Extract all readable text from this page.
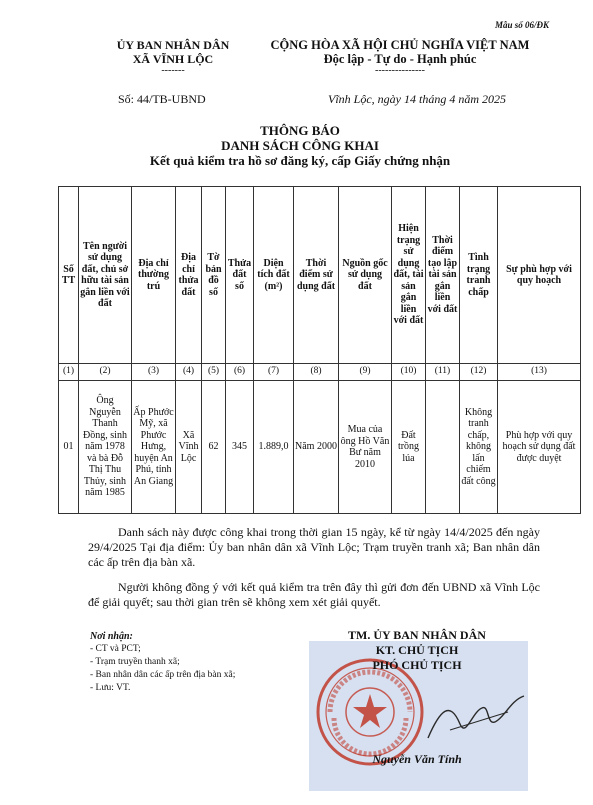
Mẫu số 06/ĐK
ỦY BAN NHÂN DÂN
XÃ VĨNH LỘC
-------
CỘNG HÒA XÃ HỘI CHỦ NGHĨA VIỆT NAM
Độc lập - Tự do - Hạnh phúc
---------------
Số: 44/TB-UBND	Vĩnh Lộc, ngày 14 tháng 4 năm 2025
THÔNG BÁO
DANH SÁCH CÔNG KHAI
Kết quả kiểm tra hồ sơ đăng ký, cấp Giấy chứng nhận
Số TT	Tên người sử dụng đất, chủ sở hữu tài sản gắn liền với đất	Địa chỉ thường trú	Địa chỉ thửa đất	Tờ bản đồ số	Thửa đất số	Diện tích đất (m²)	Thời điểm sử dụng đất	Nguồn gốc sử dụng đất	Hiện trạng sử dụng đất, tài sản gắn liền với đất	Thời điểm tạo lập tài sản gắn liền với đất	Tình trạng tranh chấp	Sự phù hợp với quy hoạch
(1)	(2)	(3)	(4)	(5)	(6)	(7)	(8)	(9)	(10)	(11)	(12)	(13)
01	Ông Nguyễn Thanh Đồng, sinh năm 1978 và bà Đỗ Thị Thu Thủy, sinh năm 1985	Ấp Phước Mỹ, xã Phước Hưng, huyện An Phú, tỉnh An Giang	Xã Vĩnh Lộc	62	345	1.889,0	Năm 2000	Mua của ông Hồ Văn Bư năm 2010	Đất trồng lúa		Không tranh chấp, không lấn chiếm đất công	Phù hợp với quy hoạch sử dụng đất được duyệt
Danh sách này được công khai trong thời gian 15 ngày, kể từ ngày 14/4/2025 đến ngày 29/4/2025 Tại địa điểm: Ủy ban nhân dân xã Vĩnh Lộc; Trạm truyền tranh xã; Ban nhân dân các ấp trên địa bàn xã.
Người không đồng ý với kết quả kiểm tra trên đây thì gửi đơn đến UBND xã Vĩnh Lộc để giải quyết; sau thời gian trên sẽ không xem xét giải quyết.
Nơi nhận:
- CT và PCT;
- Trạm truyền thanh xã;
- Ban nhân dân các ấp trên địa bàn xã;
- Lưu: VT.
TM. ỦY BAN NHÂN DÂN
KT. CHỦ TỊCH
PHÓ CHỦ TỊCH
Nguyễn Văn Tính
